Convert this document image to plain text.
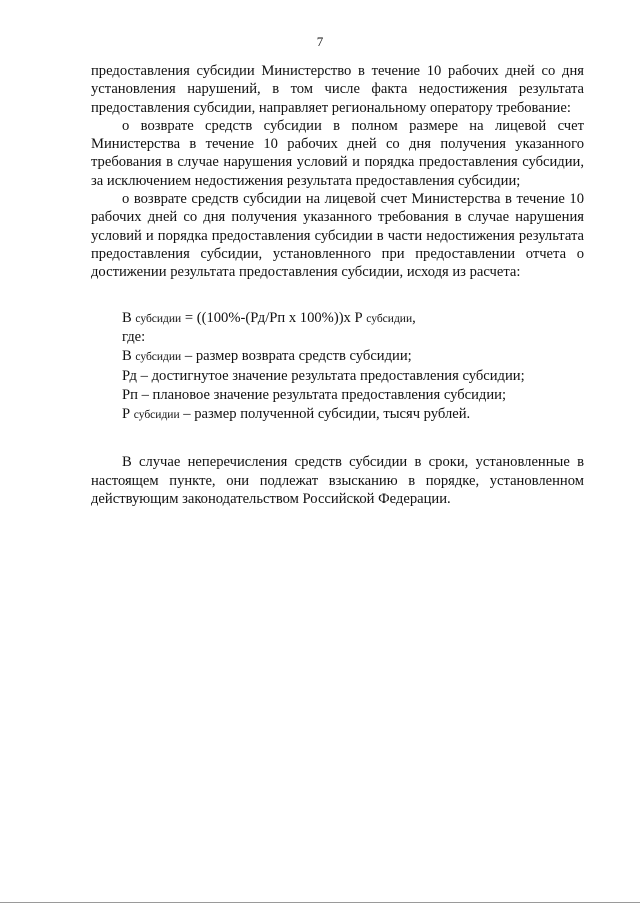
7

предоставления субсидии Министерство в течение 10 рабочих дней со дня установления нарушений, в том числе факта недостижения результата предоставления субсидии, направляет региональному оператору требование:

о возврате средств субсидии в полном размере на лицевой счет Министерства в течение 10 рабочих дней со дня получения указанного требования в случае нарушения условий и порядка предоставления субсидии, за исключением недостижения результата предоставления субсидии;

о возврате средств субсидии на лицевой счет Министерства в течение 10 рабочих дней со дня получения указанного требования в случае нарушения условий и порядка предоставления субсидии в части недостижения результата предоставления субсидии, установленного при предоставлении отчета о достижении результата предоставления субсидии, исходя из расчета:

В субсидии = ((100%-(Рд/Рп х 100%))х Р субсидии,
где:
В субсидии – размер возврата средств субсидии;
Рд – достигнутое значение результата предоставления субсидии;
Рп – плановое значение результата предоставления субсидии;
Р субсидии – размер полученной субсидии, тысяч рублей.

В случае неперечисления средств субсидии в сроки, установленные в настоящем пункте, они подлежат взысканию в порядке, установленном действующим законодательством Российской Федерации.
